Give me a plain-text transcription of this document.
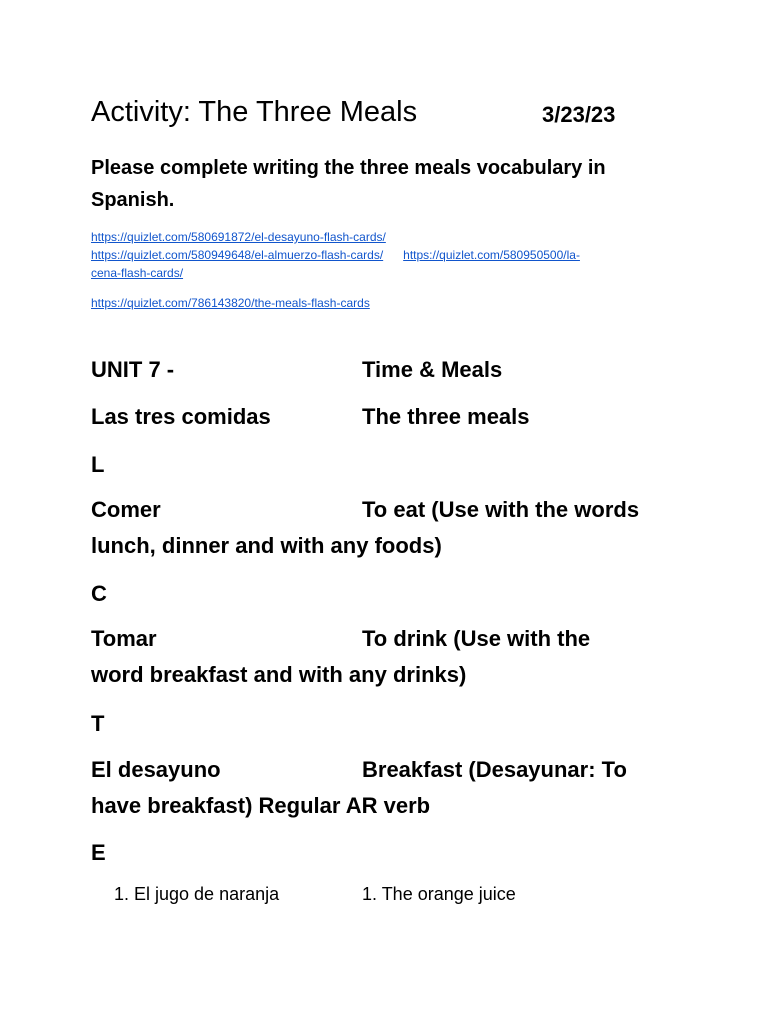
Activity: The Three Meals	3/23/23
Please complete writing the three meals vocabulary in Spanish.
https://quizlet.com/580691872/el-desayuno-flash-cards/
https://quizlet.com/580949648/el-almuerzo-flash-cards/ https://quizlet.com/580950500/la-
cena-flash-cards/
https://quizlet.com/786143820/the-meals-flash-cards
UNIT 7 -	Time & Meals
Las tres comidas	The three meals
L
Comer	To eat (Use with the words
lunch, dinner and with any foods)
C
Tomar	To drink (Use with the
word breakfast and with any drinks)
T
El desayuno	Breakfast (Desayunar: To
have breakfast) Regular AR verb
E
1. El jugo de naranja	1. The orange juice
